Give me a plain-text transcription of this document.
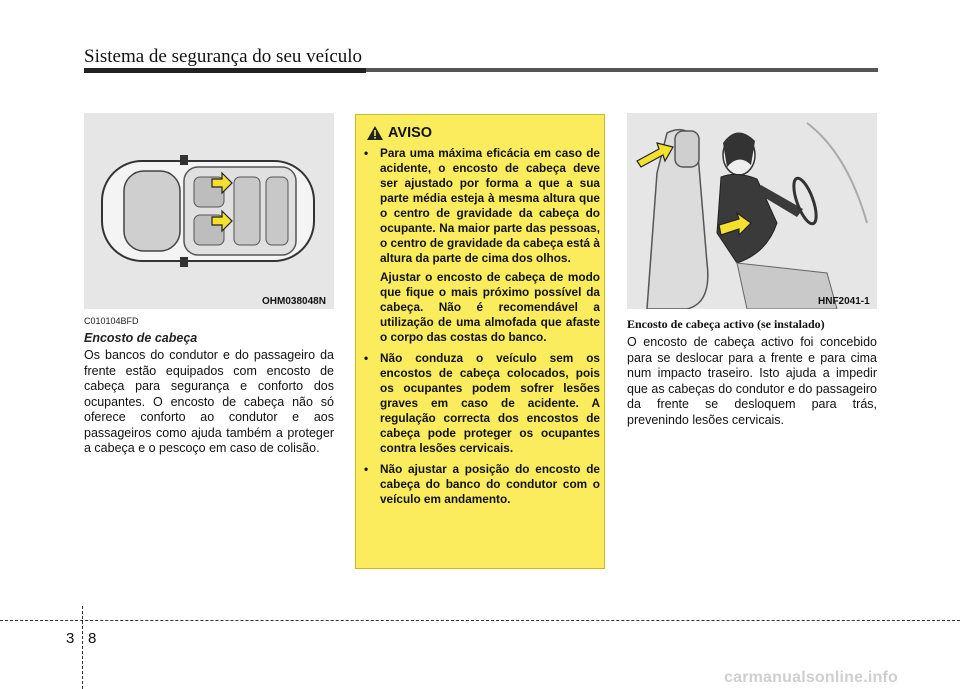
Sistema de segurança do seu veículo
OHM038048N
C010104BFD
Encosto de cabeça
Os bancos do condutor e do passageiro da frente estão equipados com encosto de cabeça para segurança e conforto dos ocupantes. O encosto de cabeça não só oferece conforto ao condutor e aos passageiros como ajuda também a proteger a cabeça e o pescoço em caso de colisão.
AVISO
• Para uma máxima eficácia em caso de acidente, o encosto de cabeça deve ser ajustado por forma a que a sua parte média esteja à mesma altura que o centro de gravidade da cabeça do ocupante. Na maior parte das pessoas, o centro de gravidade da cabeça está à altura da parte de cima dos olhos.
Ajustar o encosto de cabeça de modo que fique o mais próximo possível da cabeça. Não é recomendável a utilização de uma almofada que afaste o corpo das costas do banco.
• Não conduza o veículo sem os encostos de cabeça colocados, pois os ocupantes podem sofrer lesões graves em caso de acidente. A regulação correcta dos encostos de cabeça pode proteger os ocupantes contra lesões cervicais.
• Não ajustar a posição do encosto de cabeça do banco do condutor com o veículo em andamento.
HNF2041-1
Encosto de cabeça activo (se instalado)
O encosto de cabeça activo foi concebido para se deslocar para a frente e para cima num impacto traseiro. Isto ajuda a impedir que as cabeças do condutor e do passageiro da frente se desloquem para trás, prevenindo lesões cervicais.
3 8
carmanualsonline.info
